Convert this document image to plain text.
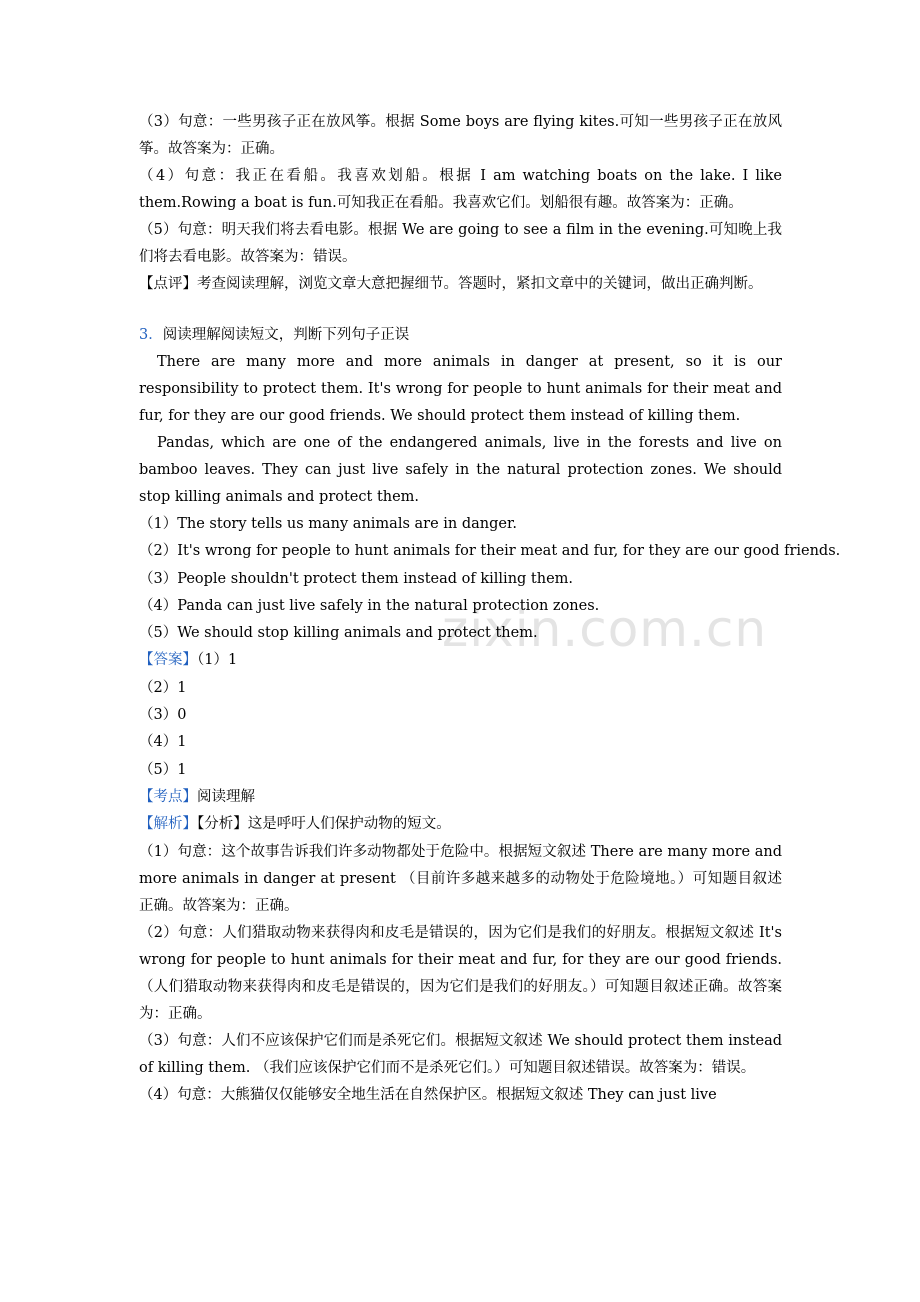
zixin.com.cn

（3）句意：一些男孩子正在放风筝。根据 Some boys are flying kites.可知一些男孩子正在放风筝。故答案为：正确。

（4）句意：我正在看船。我喜欢划船。根据 I am watching boats on the lake. I like them.Rowing a boat is fun.可知我正在看船。我喜欢它们。划船很有趣。故答案为：正确。

（5）句意：明天我们将去看电影。根据 We are going to see a film in the evening.可知晚上我们将去看电影。故答案为：错误。

【点评】考查阅读理解，浏览文章大意把握细节。答题时，紧扣文章中的关键词，做出正确判断。

3．阅读理解阅读短文，判断下列句子正误

There are many more and more animals in danger at present, so it is our responsibility to protect them. It's wrong for people to hunt animals for their meat and fur, for they are our good friends. We should protect them instead of killing them.

Pandas, which are one of the endangered animals, live in the forests and live on bamboo leaves. They can just live safely in the natural protection zones. We should stop killing animals and protect them.

（1）The story tells us many animals are in danger.

（2）It's wrong for people to hunt animals for their meat and fur, for they are our good friends.

（3）People shouldn't protect them instead of killing them.

（4）Panda can just live safely in the natural protection zones.

（5）We should stop killing animals and protect them.

【答案】（1）1

（2）1

（3）0

（4）1

（5）1

【考点】阅读理解

【解析】【分析】这是呼吁人们保护动物的短文。

（1）句意：这个故事告诉我们许多动物都处于危险中。根据短文叙述 There are many more and more animals in danger at present （目前许多越来越多的动物处于危险境地。）可知题目叙述正确。故答案为：正确。

（2）句意：人们猎取动物来获得肉和皮毛是错误的，因为它们是我们的好朋友。根据短文叙述 It's wrong for people to hunt animals for their meat and fur, for they are our good friends. （人们猎取动物来获得肉和皮毛是错误的，因为它们是我们的好朋友。）可知题目叙述正确。故答案为：正确。

（3）句意：人们不应该保护它们而是杀死它们。根据短文叙述 We should protect them instead of killing them. （我们应该保护它们而不是杀死它们。）可知题目叙述错误。故答案为：错误。

（4）句意：大熊猫仅仅能够安全地生活在自然保护区。根据短文叙述 They can just live
